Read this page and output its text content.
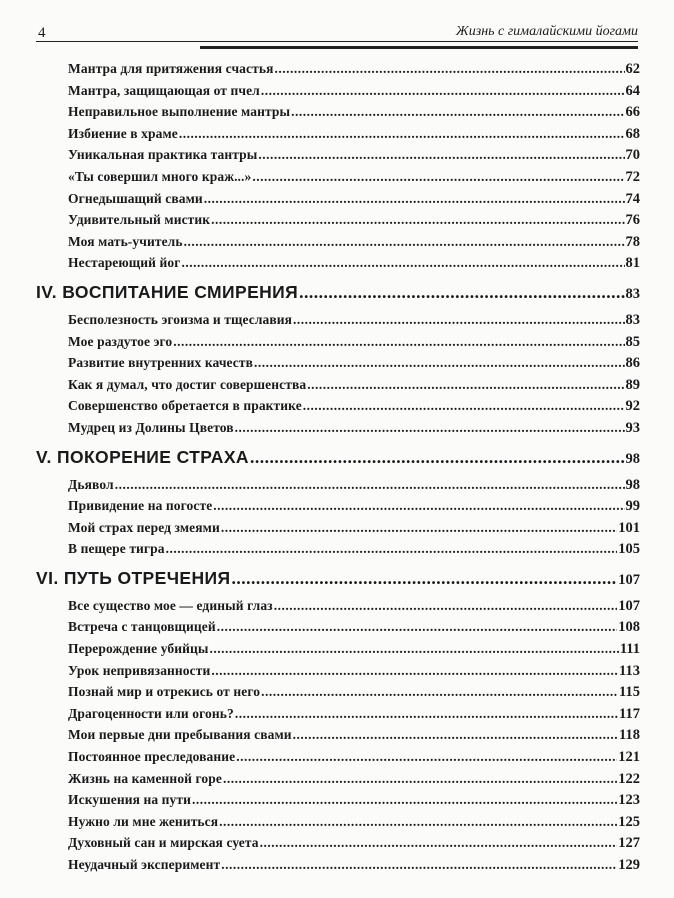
4	Жизнь с гималайскими йогами
Мантра для притяжения счастья .....	62
Мантра, защищающая от пчел .....	64
Неправильное выполнение мантры .....	66
Избиение в храме .....	68
Уникальная практика тантры .....	70
«Ты совершил много краж...» .....	72
Огнедышащий свами .....	74
Удивительный мистик .....	76
Моя мать-учитель .....	78
Нестареющий йог .....	81
IV. ВОСПИТАНИЕ СМИРЕНИЯ .....	83
Бесполезность эгоизма и тщеславия .....	83
Мое раздутое эго .....	85
Развитие внутренних качеств .....	86
Как я думал, что достиг совершенства .....	89
Совершенство обретается в практике .....	92
Мудрец из Долины Цветов .....	93
V. ПОКОРЕНИЕ СТРАХА .....	98
Дьявол .....	98
Привидение на погосте .....	99
Мой страх перед змеями .....	101
В пещере тигра .....	105
VI. ПУТЬ ОТРЕЧЕНИЯ .....	107
Все существо мое — единый глаз .....	107
Встреча с танцовщицей .....	108
Перерождение убийцы .....	111
Урок непривязанности .....	113
Познай мир и отрекись от него .....	115
Драгоценности или огонь? .....	117
Мои первые дни пребывания свами .....	118
Постоянное преследование .....	121
Жизнь на каменной горе .....	122
Искушения на пути .....	123
Нужно ли мне жениться .....	125
Духовный сан и мирская суета .....	127
Неудачный эксперимент .....	129
